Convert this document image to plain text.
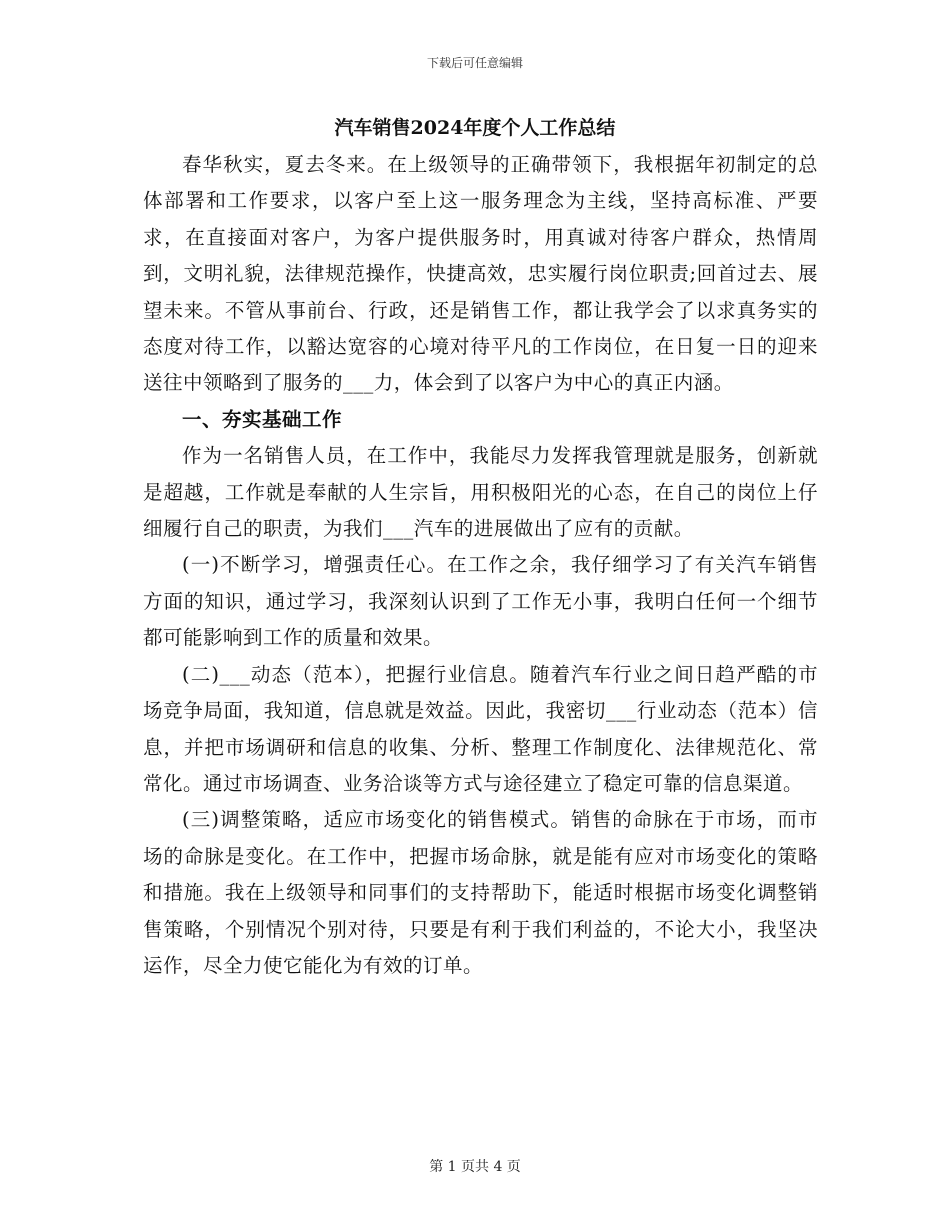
下载后可任意编辑
汽车销售2024年度个人工作总结

春华秋实，夏去冬来。在上级领导的正确带领下，我根据年初制定的总体部署和工作要求，以客户至上这一服务理念为主线，坚持高标准、严要求，在直接面对客户，为客户提供服务时，用真诚对待客户群众，热情周到，文明礼貌，法律规范操作，快捷高效，忠实履行岗位职责;回首过去、展望未来。不管从事前台、行政，还是销售工作，都让我学会了以求真务实的态度对待工作，以豁达宽容的心境对待平凡的工作岗位，在日复一日的迎来送往中领略到了服务的___力，体会到了以客户为中心的真正内涵。

一、夯实基础工作

作为一名销售人员，在工作中，我能尽力发挥我管理就是服务，创新就是超越，工作就是奉献的人生宗旨，用积极阳光的心态，在自己的岗位上仔细履行自己的职责，为我们___汽车的进展做出了应有的贡献。

(一)不断学习，增强责任心。在工作之余，我仔细学习了有关汽车销售方面的知识，通过学习，我深刻认识到了工作无小事，我明白任何一个细节都可能影响到工作的质量和效果。

(二)___动态（范本），把握行业信息。随着汽车行业之间日趋严酷的市场竞争局面，我知道，信息就是效益。因此，我密切___行业动态（范本）信息，并把市场调研和信息的收集、分析、整理工作制度化、法律规范化、常常化。通过市场调查、业务洽谈等方式与途径建立了稳定可靠的信息渠道。

(三)调整策略，适应市场变化的销售模式。销售的命脉在于市场，而市场的命脉是变化。在工作中，把握市场命脉，就是能有应对市场变化的策略和措施。我在上级领导和同事们的支持帮助下，能适时根据市场变化调整销售策略，个别情况个别对待，只要是有利于我们利益的，不论大小，我坚决运作，尽全力使它能化为有效的订单。

第 1 页共 4 页
